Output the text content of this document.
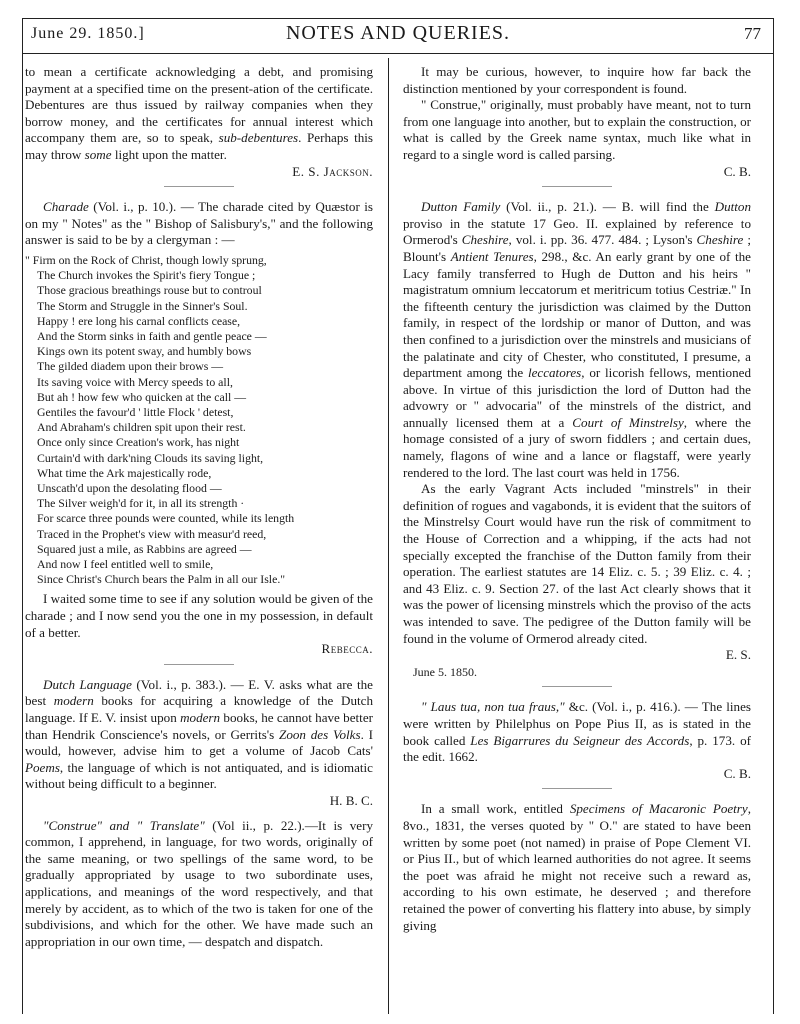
June 29. 1850.]	NOTES AND QUERIES.	77

to mean a certificate acknowledging a debt, and promising payment at a specified time on the present-ation of the certificate. Debentures are thus issued by railway companies when they borrow money, and the certificates for annual interest which accompany them are, so to speak, sub-debentures. Perhaps this may throw some light upon the matter.

E. S. Jackson.

Charade (Vol. i., p. 10.). — The charade cited by Quæstor is on my " Notes" as the " Bishop of Salisbury's," and the following answer is said to be by a clergyman : —

" Firm on the Rock of Christ, though lowly sprung,
The Church invokes the Spirit's fiery Tongue ;
Those gracious breathings rouse but to controul
The Storm and Struggle in the Sinner's Soul.
Happy ! ere long his carnal conflicts cease,
And the Storm sinks in faith and gentle peace —
Kings own its potent sway, and humbly bows
The gilded diadem upon their brows —
Its saving voice with Mercy speeds to all,
But ah ! how few who quicken at the call —
Gentiles the favour'd ' little Flock ' detest,
And Abraham's children spit upon their rest.
Once only since Creation's work, has night
Curtain'd with dark'ning Clouds its saving light,
What time the Ark majestically rode,
Unscath'd upon the desolating flood —
The Silver weigh'd for it, in all its strength ·
For scarce three pounds were counted, while its length
Traced in the Prophet's view with measur'd reed,
Squared just a mile, as Rabbins are agreed —
And now I feel entitled well to smile,
Since Christ's Church bears the Palm in all our Isle."

I waited some time to see if any solution would be given of the charade ; and I now send you the one in my possession, in default of a better.

Rebecca.

Dutch Language (Vol. i., p. 383.). — E. V. asks what are the best modern books for acquiring a knowledge of the Dutch language. If E. V. insist upon modern books, he cannot have better than Hendrik Conscience's novels, or Gerrits's Zoon des Volks. I would, however, advise him to get a volume of Jacob Cats' Poems, the language of which is not antiquated, and is idiomatic without being difficult to a beginner.

H. B. C.

"Construe" and " Translate" (Vol ii., p. 22.).—It is very common, I apprehend, in language, for two words, originally of the same meaning, or two spellings of the same word, to be gradually appropriated by usage to two subordinate uses, applications, and meanings of the word respectively, and that merely by accident, as to which of the two is taken for one of the subdivisions, and which for the other. We have made such an appropriation in our own time, — despatch and dispatch.

It may be curious, however, to inquire how far back the distinction mentioned by your correspondent is found.

" Construe," originally, must probably have meant, not to turn from one language into another, but to explain the construction, or what is called by the Greek name syntax, much like what in regard to a single word is called parsing.

C. B.

Dutton Family (Vol. ii., p. 21.). — B. will find the Dutton proviso in the statute 17 Geo. II. explained by reference to Ormerod's Cheshire, vol. i. pp. 36. 477. 484. ; Lyson's Cheshire ; Blount's Antient Tenures, 298., &c. An early grant by one of the Lacy family transferred to Hugh de Dutton and his heirs " magistratum omnium leccatorum et meritricum totius Cestriæ." In the fifteenth century the jurisdiction was claimed by the Dutton family, in respect of the lordship or manor of Dutton, and was then confined to a jurisdiction over the minstrels and musicians of the palatinate and city of Chester, who constituted, I presume, a department among the leccatores, or licorish fellows, mentioned above. In virtue of this jurisdiction the lord of Dutton had the advowry or " advocaria" of the minstrels of the district, and annually licensed them at a Court of Minstrelsy, where the homage consisted of a jury of sworn fiddlers ; and certain dues, namely, flagons of wine and a lance or flagstaff, were yearly rendered to the lord. The last court was held in 1756.

As the early Vagrant Acts included "minstrels" in their definition of rogues and vagabonds, it is evident that the suitors of the Minstrelsy Court would have run the risk of commitment to the House of Correction and a whipping, if the acts had not specially excepted the franchise of the Dutton family from their operation. The earliest statutes are 14 Eliz. c. 5. ; 39 Eliz. c. 4. ; and 43 Eliz. c. 9. Section 27. of the last Act clearly shows that it was the power of licensing minstrels which the proviso of the acts was intended to save. The pedigree of the Dutton family will be found in the volume of Ormerod already cited.

E. S.

June 5. 1850.

" Laus tua, non tua fraus," &c. (Vol. i., p. 416.). — The lines were written by Philelphus on Pope Pius II, as is stated in the book called Les Bigarrures du Seigneur des Accords, p. 173. of the edit. 1662.

C. B.

In a small work, entitled Specimens of Macaronic Poetry, 8vo., 1831, the verses quoted by " O." are stated to have been written by some poet (not named) in praise of Pope Clement VI. or Pius II., but of which learned authorities do not agree. It seems the poet was afraid he might not receive such a reward as, according to his own estimate, he deserved ; and therefore retained the power of converting his flattery into abuse, by simply giving
